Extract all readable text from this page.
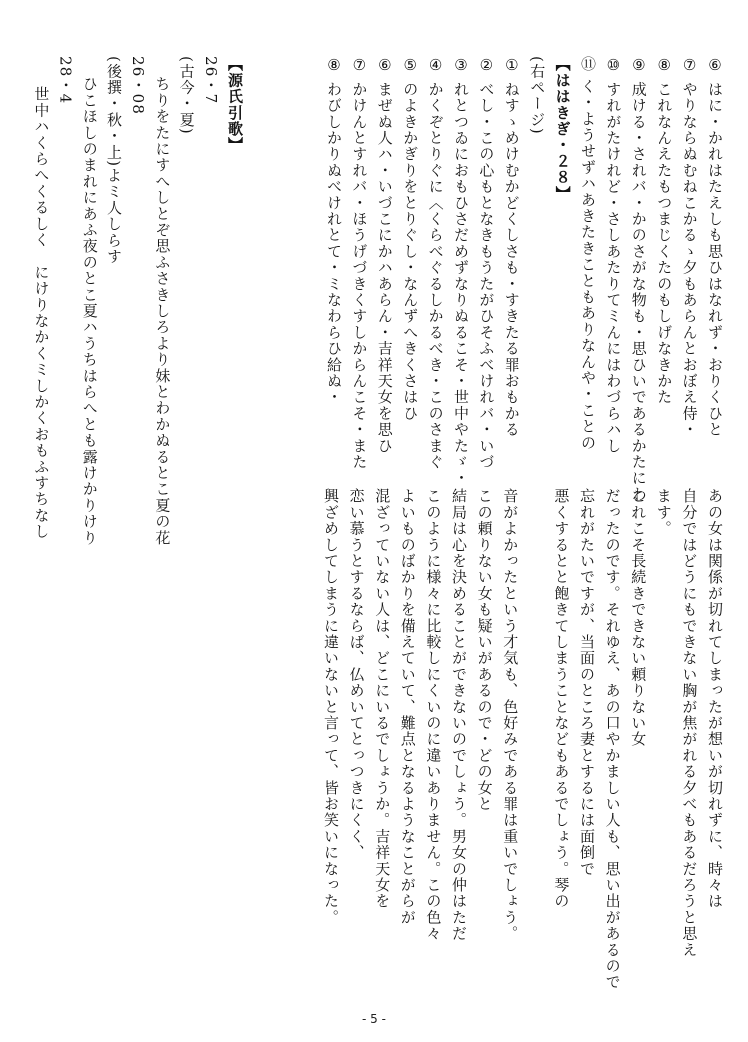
⑥ はに・かれはたえしも思ひはなれず・おりくひと
⑦ やりならぬむねこかるゝ夕もあらんとおぼえ侍・
⑧ これなんえたもつまじくたのもしげなきかた
⑨ 成ける・されバ・かのさがな物も・思ひいであるかたにわ
⑩ すれがたけれど・さしあたりてミんにはわづらハし
⑪ く・ようせずハあきたきこともありなんや・ことの
【ははきぎ・２８】
(右ページ)
① ねすゝめけむかどくしさも・すきたる罪おもかる
② べし・この心もとなきもうたがひそふべけれバ・いづ
③ れとつゐにおもひさだめずなりぬるこそ・世中やたゞ・
④ かくぞとりぐに〈くらべぐるしかるべき・このさまぐ
⑤ のよきかぎりをとりぐし・なんずへきくさはひ
⑥ まぜぬ人ハ・いづこにかハあらん・吉祥天女を思ひ
⑦ かけんとすれバ・ほうげづきくすしからんこそ・また
⑧ わびしかりぬべけれとて・ミなわらひ給ぬ・
【源氏引歌】
26・7
(古今・夏)
ちりをたにすへしとぞ思ふさきしろより妹とわかぬるとこ夏の花
26・08
(後撰・秋・上)よミ人しらす
ひこほしのまれにあふ夜のとこ夏ハうちはらへとも露けかりけり
28・4
世中ハくらへくるしく　にけりなかくミしかくおもふすちなし
あの女は関係が切れてしまったが想いが切れずに、時々は
自分ではどうにもできない胸が焦がれる夕べもあるだろうと思え
ます。
これこそ長続きできない頼りない女
だったのです。それゆえ、あの口やかましい人も、思い出があるので
忘れがたいですが、当面のところ妻とするには面倒で
悪くするとと飽きてしまうことなどもあるでしょう。琴の
音がよかったという才気も、色好みである罪は重いでしょう。
この頼りない女も疑いがあるので・どの女と
結局は心を決めることができないのでしょう。男女の仲はただ
このように様々に比較しにくいのに違いありません。この色々
よいものばかりを備えていて、難点となるようなことがらが
混ざっていない人は、どこにいるでしょうか。吉祥天女を
恋い慕うとするならば、仏めいてとっつきにくく、
興ざめしてしまうに違いないと言って、皆お笑いになった。
- 5 -
